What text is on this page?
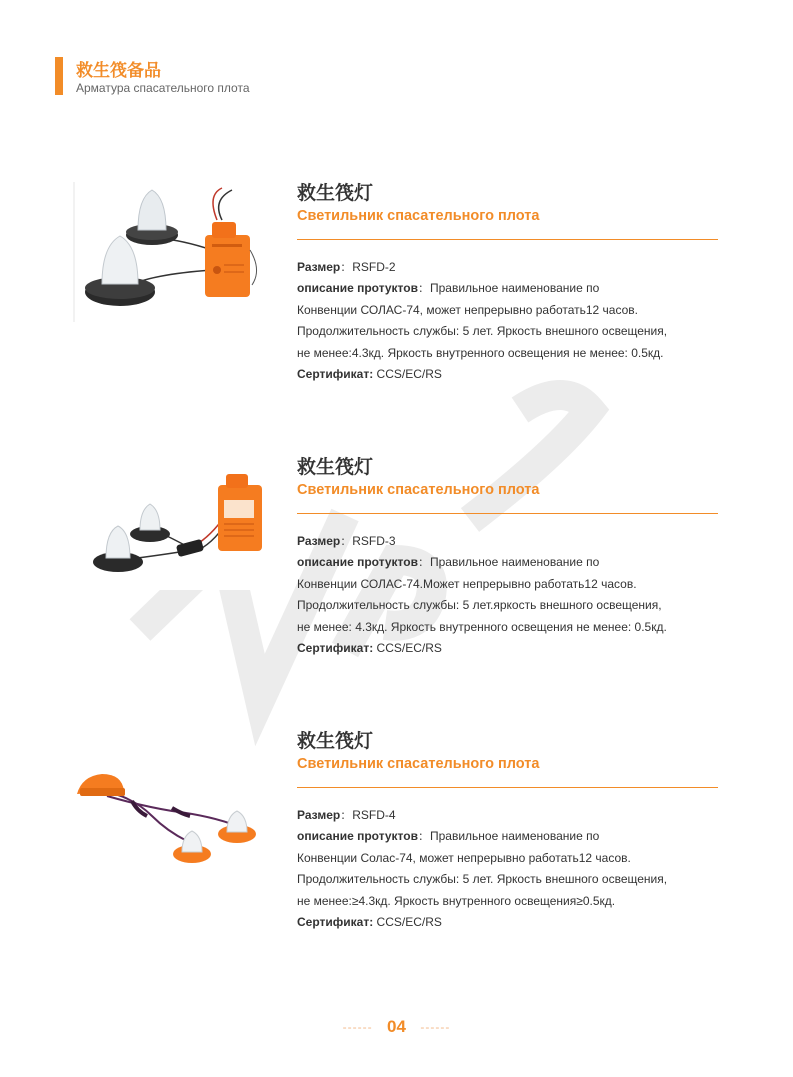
救生筏备品
Арматура спасательного плота
救生筏灯
Светильник спасательного плота

Размер：RSFD-2

описание протуктов：Правильное наименование по

Конвенции СОЛАС-74, может непрерывно работать12 часов.

Продолжительность службы: 5 лет. Яркость внешного освещения,

не менее:4.3кд. Яркость внутренного освещения не менее: 0.5кд.

Сертификат: CCS/EC/RS

救生筏灯
Светильник спасательного плота

Размер：RSFD-3

описание протуктов：Правильное наименование по

Конвенции СОЛАС-74.Может непрерывно работать12 часов.

Продолжительность службы: 5 лет.яркость внешного освещения,

не менее: 4.3кд. Яркость внутренного освещения не менее: 0.5кд.

Сертификат: CCS/EC/RS

救生筏灯
Светильник спасательного плота

Размер：RSFD-4

описание протуктов：Правильное наименование по

Конвенции Солас-74, может непрерывно работать12 часов.

Продолжительность службы: 5 лет. Яркость внешного освещения,

не менее:≥4.3кд. Яркость внутренного освещения≥0.5кд.

Сертификат: CCS/EC/RS

------ 04 ------
